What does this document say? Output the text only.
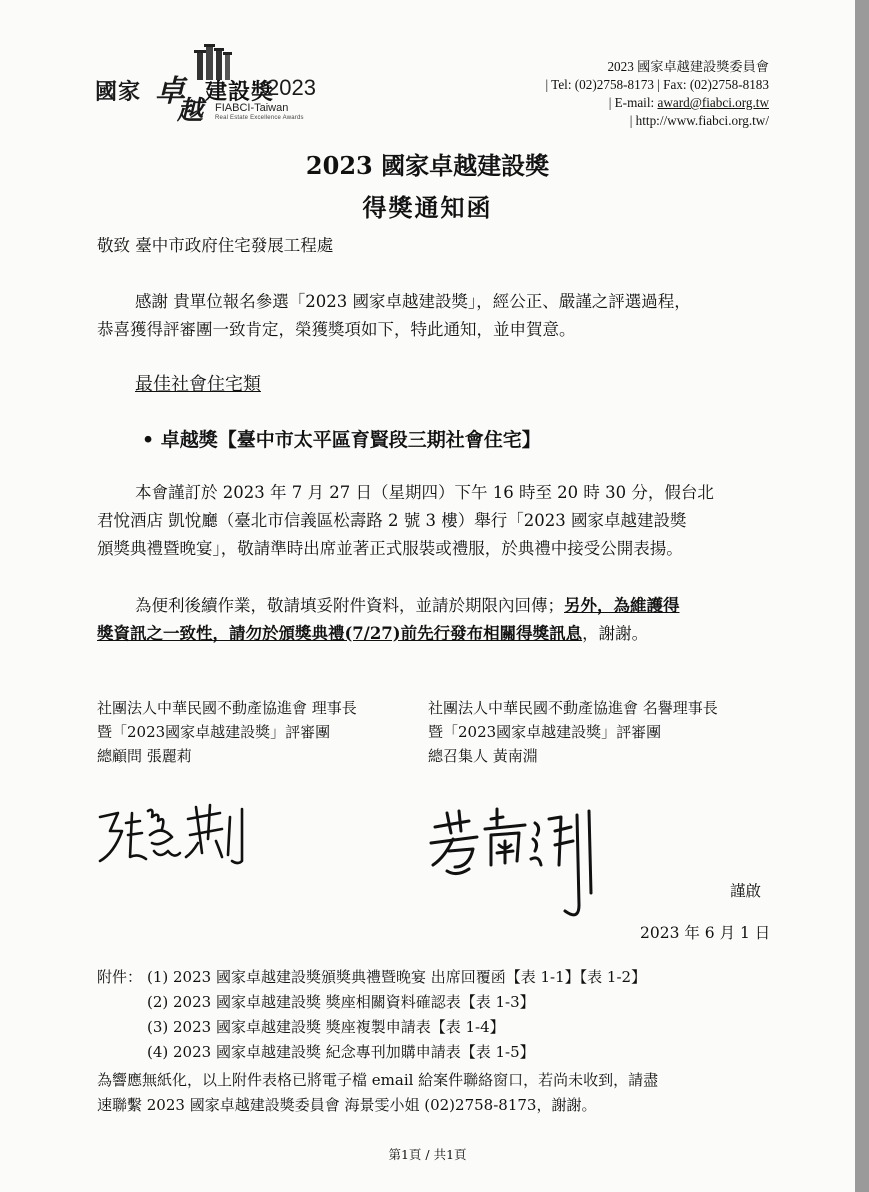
國家 卓
越
建設獎
2023
FIABCI-Taiwan
Real Estate Excellence Awards
2023 國家卓越建設獎委員會
| Tel: (02)2758-8173 | Fax: (02)2758-8183
| E-mail: award@fiabci.org.tw
| http://www.fiabci.org.tw/
2023 國家卓越建設獎
得獎通知函
敬致 臺中市政府住宅發展工程處
感謝 貴單位報名參選「2023 國家卓越建設獎」，經公正、嚴謹之評選過程，
恭喜獲得評審團一致肯定，榮獲獎項如下，特此通知，並申賀意。
最佳社會住宅類
• 卓越獎【臺中市太平區育賢段三期社會住宅】
本會謹訂於 2023 年 7 月 27 日（星期四）下午 16 時至 20 時 30 分，假台北
君悅酒店 凱悅廳（臺北市信義區松壽路 2 號 3 樓）舉行「2023 國家卓越建設獎
頒獎典禮暨晚宴」，敬請準時出席並著正式服裝或禮服，於典禮中接受公開表揚。
為便利後續作業，敬請填妥附件資料，並請於期限內回傳；另外，為維護得
獎資訊之一致性，請勿於頒獎典禮(7/27)前先行發布相關得獎訊息，謝謝。
社團法人中華民國不動產協進會 理事長
暨「2023國家卓越建設獎」評審團
總顧問 張麗莉
社團法人中華民國不動產協進會 名譽理事長
暨「2023國家卓越建設獎」評審團
總召集人 黃南淵
謹啟
2023 年 6 月 1 日
附件： (1) 2023 國家卓越建設獎頒獎典禮暨晚宴 出席回覆函【表 1-1】【表 1-2】
(2) 2023 國家卓越建設獎 獎座相關資料確認表【表 1-3】
(3) 2023 國家卓越建設獎 獎座複製申請表【表 1-4】
(4) 2023 國家卓越建設獎 紀念專刊加購申請表【表 1-5】
為響應無紙化，以上附件表格已將電子檔 email 給案件聯絡窗口，若尚未收到，請盡
速聯繫 2023 國家卓越建設獎委員會 海景雯小姐 (02)2758-8173，謝謝。
第1頁 / 共1頁
